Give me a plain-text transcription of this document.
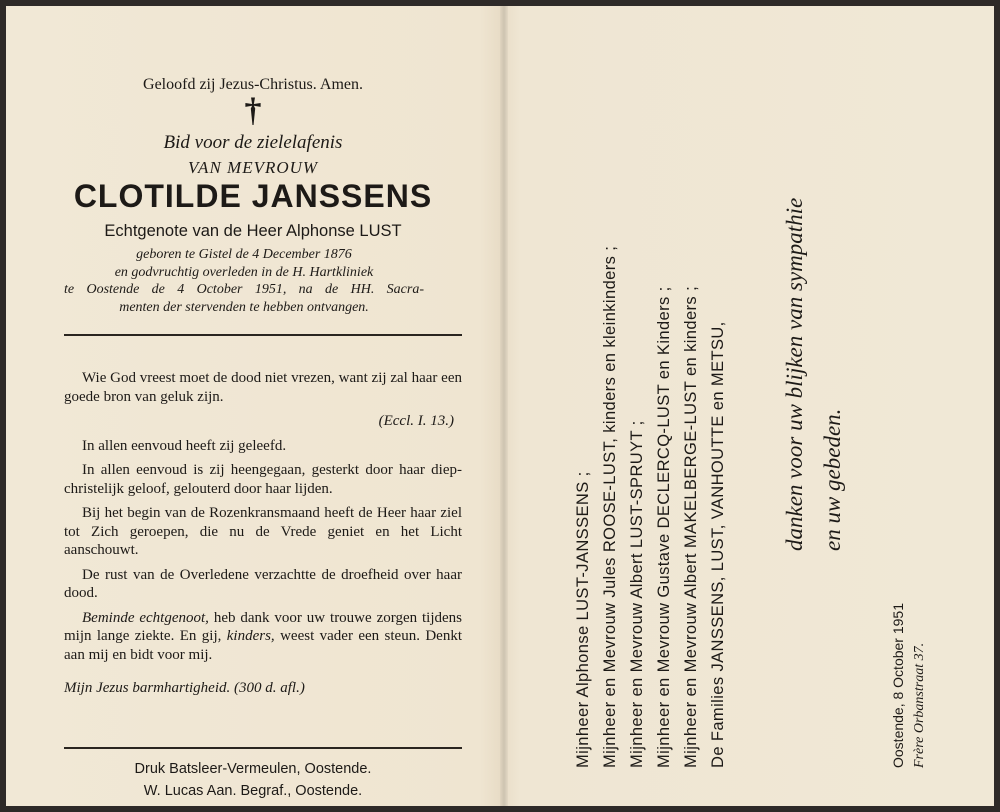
Geloofd zij Jezus-Christus. Amen.
†
Bid voor de zielelafenis
VAN MEVROUW
CLOTILDE JANSSENS
Echtgenote van de Heer Alphonse LUST
geboren te Gistel de 4 December 1876
en godvruchtig overleden in de H. Hartkliniek
te Oostende de 4 October 1951, na de HH. Sacra-
menten der stervenden te hebben ontvangen.

Wie God vreest moet de dood niet vrezen, want zij zal haar een goede bron van geluk zijn.

(Eccl. I. 13.)

In allen eenvoud heeft zij geleefd.

In allen eenvoud is zij heengegaan, gesterkt door haar diep-christelijk geloof, gelouterd door haar lijden.

Bij het begin van de Rozenkransmaand heeft de Heer haar ziel tot Zich geroepen, die nu de Vrede geniet en het Licht aanschouwt.

De rust van de Overledene verzachtte de droefheid over haar dood.

Beminde echtgenoot, heb dank voor uw trouwe zorgen tijdens mijn lange ziekte. En gij, kinders, weest vader een steun. Denkt aan mij en bidt voor mij.

Mijn Jezus barmhartigheid. (300 d. afl.)
Druk Batsleer-Vermeulen, Oostende.
W. Lucas Aan. Begraf., Oostende.
Mijnheer Alphonse LUST-JANSSENS ; Mijnheer en Mevrouw Jules ROOSE-LUST, kinders en kleinkinders ; Mijnheer en Mevrouw Albert LUST-SPRUYT ; Mijnheer en Mevrouw Gustave DECLERCQ-LUST en Kinders ; Mijnheer en Mevrouw Albert MAKELBERGE-LUST en kinders ; De Families JANSSENS, LUST, VANHOUTTE en METSU, danken voor uw blijken van sympathie en uw gebeden.
Oostende, 8 October 1951 Frère Orbanstraat 37.
